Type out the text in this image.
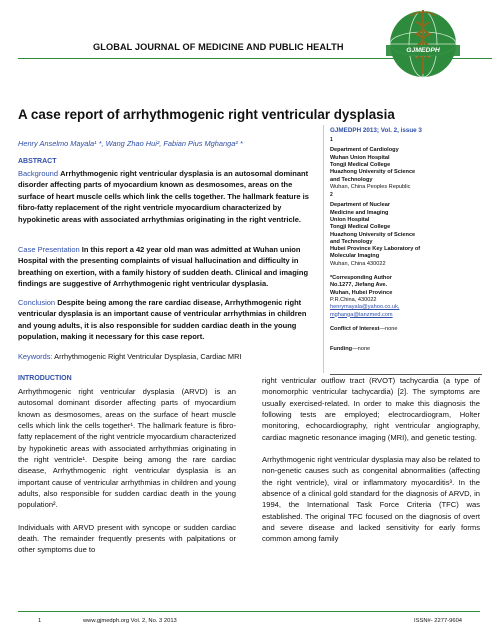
GLOBAL JOURNAL OF MEDICINE AND PUBLIC HEALTH	GJMEDPH
A case report of arrhythmogenic right ventricular dysplasia
Henry Anselmo Mayala¹ *, Wang Zhao Hui², Fabian Pius Mghanga² *
ABSTRACT
Background Arrhythmogenic right ventricular dysplasia is an autosomal dominant disorder affecting parts of myocardium known as desmosomes, areas on the surface of heart muscle cells which link the cells together. The hallmark feature is fibro-fatty replacement of the right ventricle myocardium characterized by hypokinetic areas with associated arrhythmias originating in the right ventricle.
Case Presentation In this report a 42 year old man was admitted at Wuhan union Hospital with the presenting complaints of visual hallucination and difficulty in breathing on exertion, with a family history of sudden death. Clinical and imaging findings are suggestive of Arrhythmogenic right ventricular dysplasia.
Conclusion Despite being among the rare cardiac disease, Arrhythmogenic right ventricular dysplasia is an important cause of ventricular arrhythmias in children and young adults, it is also responsible for sudden cardiac death in the young population, making it necessary for this case report.
Keywords: Arrhythmogenic Right Ventricular Dysplasia, Cardiac MRI
GJMEDPH 2013; Vol. 2, issue 3
$^1$
Department of Cardiology
Wuhan Union Hospital
Tongji Medical College
Huazhong University of Science
and Technology
Wuhan, China Peoples Republic
$^2$
Department of Nuclear
Medicine and Imaging
Union Hospital
Tongji Medical College
Huazhong University of Science
and Technology
Hubei Province Key Laboratory of
Molecular Imaging
Wuhan, China 430022
*Corresponding Author
No.1277, Jiefang Ave.
Wuhan, Hubei Province
P.R.China, 430022
henrymayala@yahoo.co.uk,
mghanga@tanzmed.com
Conflict of Interest—none
Funding—none
INTRODUCTION

Arrhythmogenic right ventricular dysplasia (ARVD) is an autosomal dominant disorder affecting parts of myocardium known as desmosomes, areas on the surface of heart muscle cells which link the cells together¹. The hallmark feature is fibro-fatty replacement of the right ventricle myocardium characterized by hypokinetic areas with associated arrhythmias originating in the right ventricle¹. Despite being among the rare cardiac disease, Arrhythmogenic right ventricular dysplasia is an important cause of ventricular arrhythmias in children and young adults, also responsible for sudden cardiac death in the young population².

Individuals with ARVD present with syncope or sudden cardiac death. The remainder frequently presents with palpitations or other symptoms due to

right ventricular outflow tract (RVOT) tachycardia (a type of monomorphic ventricular tachycardia) [2]. The symptoms are usually exercised-related. In order to make this diagnosis the following tests are employed; electrocardiogram, Holter monitoring, echocardiography, right ventricular angiography, cardiac magnetic resonance imaging (MRI), and genetic testing.

Arrhythmogenic right ventricular dysplasia may also be related to non-genetic causes such as congenital abnormalities (affecting the right ventricle), viral or inflammatory myocarditis³. In the absence of a clinical gold standard for the diagnosis of ARVD, in 1994, the International Task Force Criteria (TFC) was established. The original TFC focused on the diagnosis of overt and severe disease and lacked sensitivity for early forms common among family

1	www.gjmedph.org Vol. 2, No. 3 2013	ISSN#- 2277-9604
